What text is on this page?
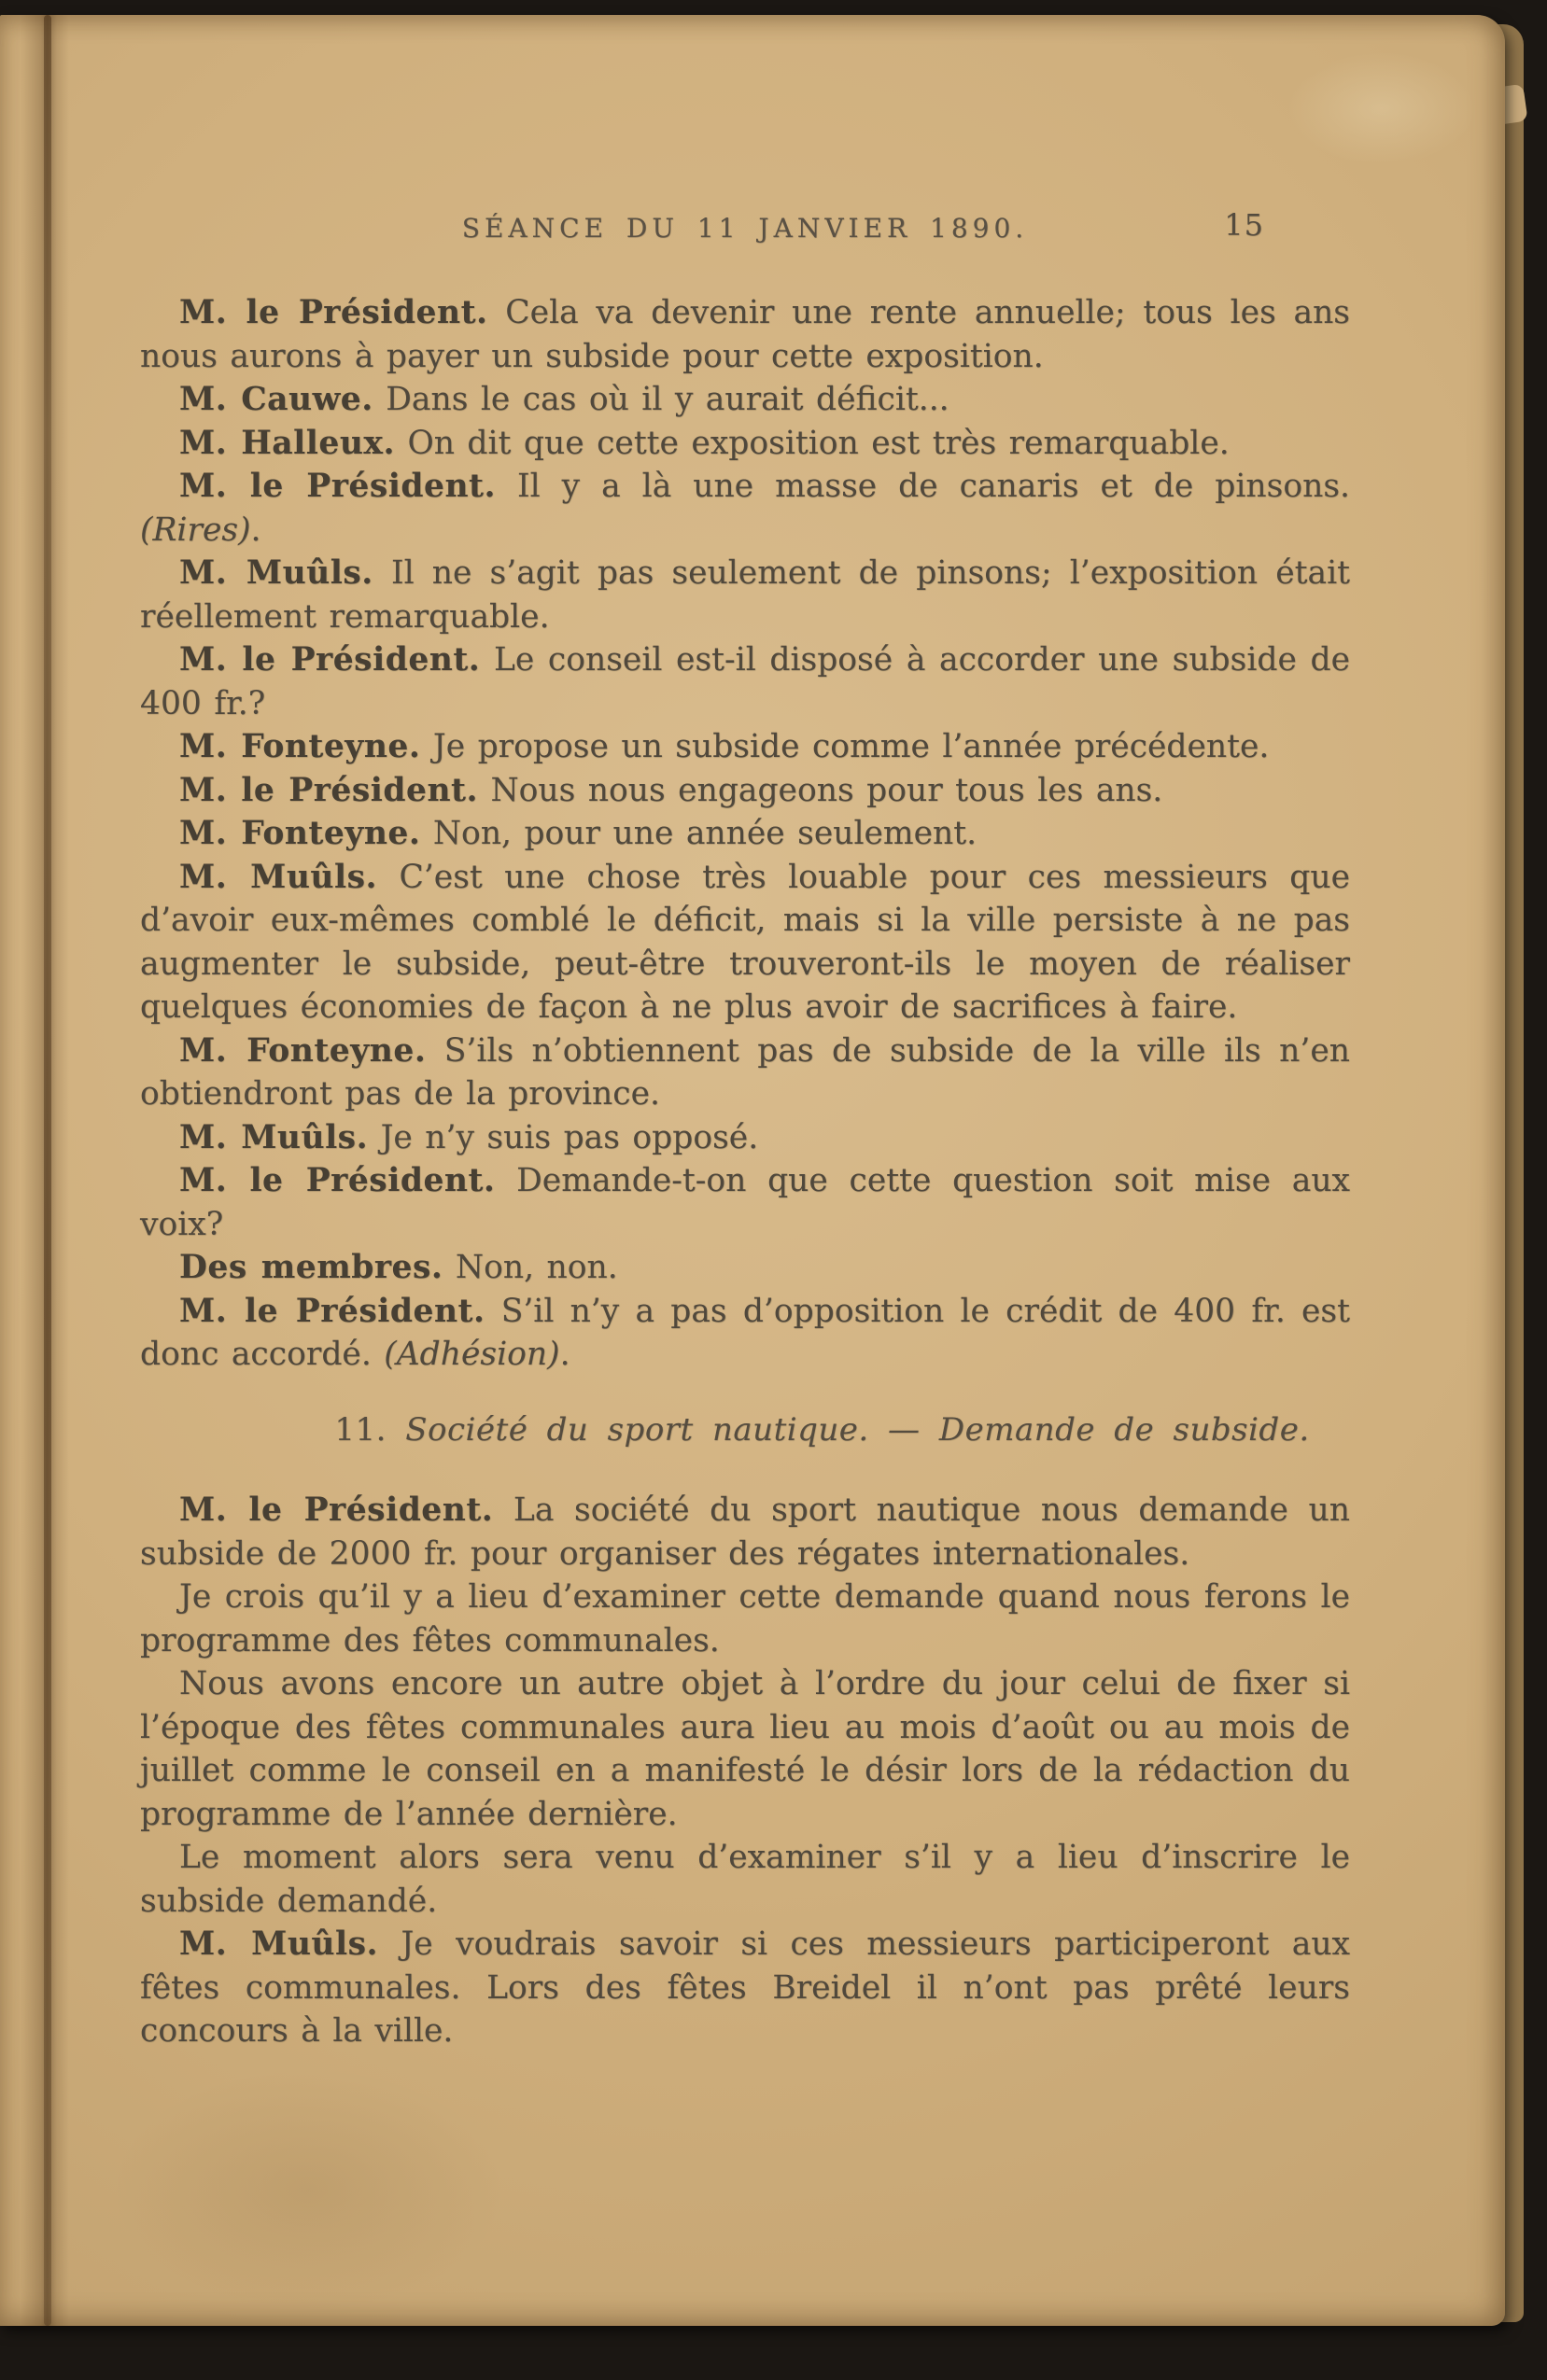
SÉANCE DU 11 JANVIER 1890.	15
M. le Président. Cela va devenir une rente annuelle; tous les ans nous aurons à payer un subside pour cette exposition.
M. Cauwe. Dans le cas où il y aurait déficit...
M. Halleux. On dit que cette exposition est très remarquable.
M. le Président. Il y a là une masse de canaris et de pinsons. (Rires).
M. Muûls. Il ne s’agit pas seulement de pinsons; l’exposition était réellement remarquable.
M. le Président. Le conseil est-il disposé à accorder une subside de 400 fr.?
M. Fonteyne. Je propose un subside comme l’année précédente.
M. le Président. Nous nous engageons pour tous les ans.
M. Fonteyne. Non, pour une année seulement.
M. Muûls. C’est une chose très louable pour ces messieurs que d’avoir eux-mêmes comblé le déficit, mais si la ville persiste à ne pas augmenter le subside, peut-être trouveront-ils le moyen de réaliser quelques économies de façon à ne plus avoir de sacrifices à faire.
M. Fonteyne. S’ils n’obtiennent pas de subside de la ville ils n’en obtiendront pas de la province.
M. Muûls. Je n’y suis pas opposé.
M. le Président. Demande-t-on que cette question soit mise aux voix?
Des membres. Non, non.
M. le Président. S’il n’y a pas d’opposition le crédit de 400 fr. est donc accordé. (Adhésion).
11. Société du sport nautique. — Demande de subside.
M. le Président. La société du sport nautique nous demande un subside de 2000 fr. pour organiser des régates internationales.
Je crois qu’il y a lieu d’examiner cette demande quand nous ferons le programme des fêtes communales.
Nous avons encore un autre objet à l’ordre du jour celui de fixer si l’époque des fêtes communales aura lieu au mois d’août ou au mois de juillet comme le conseil en a manifesté le désir lors de la rédaction du programme de l’année dernière.
Le moment alors sera venu d’examiner s’il y a lieu d’inscrire le subside demandé.
M. Muûls. Je voudrais savoir si ces messieurs participeront aux fêtes communales. Lors des fêtes Breidel il n’ont pas prêté leurs concours à la ville.
